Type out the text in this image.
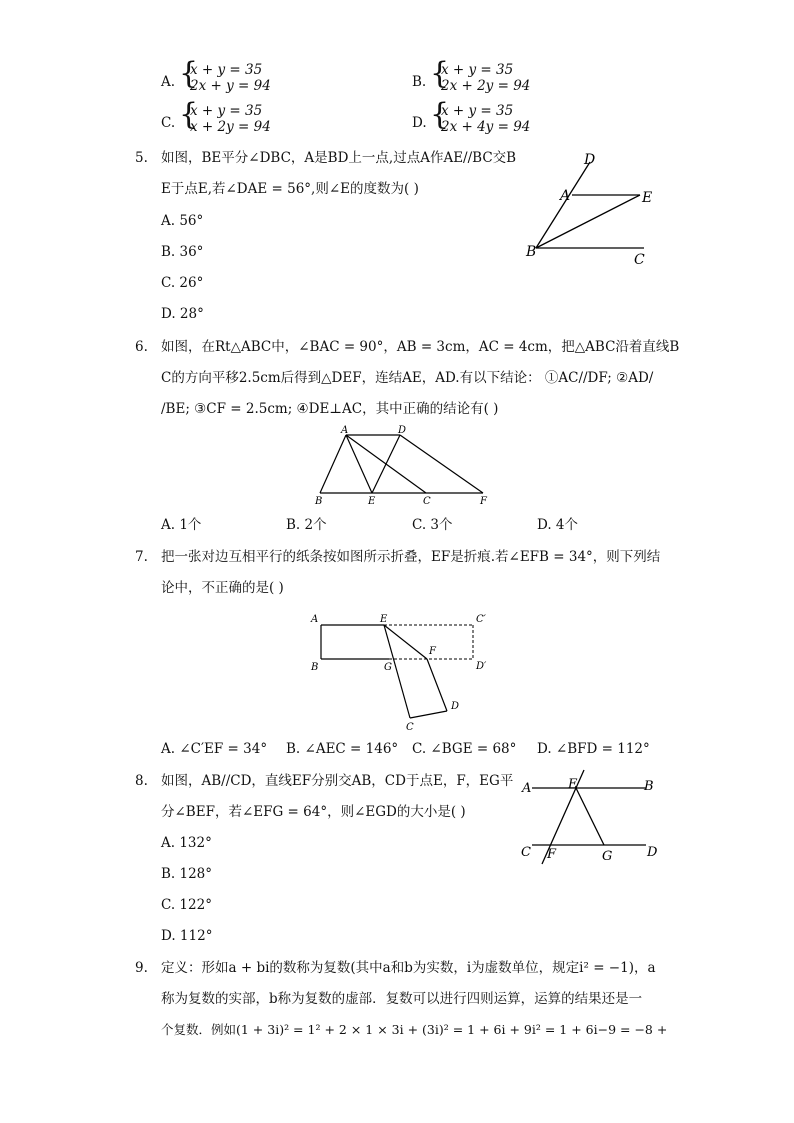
A. {
x + y = 35
2x + y = 94	B. {
x + y = 35
2x + 2y = 94
C. {
x + y = 35
x + 2y = 94	D. {
x + y = 35
2x + 4y = 94
5. 如图，BE平分∠DBC，A是BD上一点,过点A作AE//BC交B
E于点E,若∠DAE = 56°,则∠E的度数为( )
A. 56°
B. 36°
C. 26°
D. 28°
D
A	E
B	C
6. 如图，在Rt△ABC中，∠BAC = 90°，AB = 3cm，AC = 4cm，把△ABC沿着直线B
C的方向平移2.5cm后得到△DEF，连结AE，AD.有以下结论： ①AC//DF; ②AD/
/BE; ③CF = 2.5cm; ④DE⊥AC，其中正确的结论有( )
A	D
B	E	C	F
A. 1个	B. 2个	C. 3个	D. 4个
7. 把一张对边互相平行的纸条按如图所示折叠，EF是折痕.若∠EFB = 34°，则下列结
论中，不正确的是( )
A	E	C′
B	G
F
D′
D
C
A. ∠C′EF = 34° B. ∠AEC = 146° C. ∠BGE = 68° D. ∠BFD = 112°
8. 如图，AB//CD，直线EF分别交AB，CD于点E，F，EG平
分∠BEF，若∠EFG = 64°，则∠EGD的大小是( )
A. 132°
B. 128°
C. 122°
D. 112°
A	E	B
C F	G	D
9. 定义：形如a + bi的数称为复数(其中a和b为实数，i为虚数单位，规定i² = −1)，a
称为复数的实部，b称为复数的虚部．复数可以进行四则运算，运算的结果还是一
个复数．例如(1 + 3i)² = 1² + 2 × 1 × 3i + (3i)² = 1 + 6i + 9i² = 1 + 6i−9 = −8 +
